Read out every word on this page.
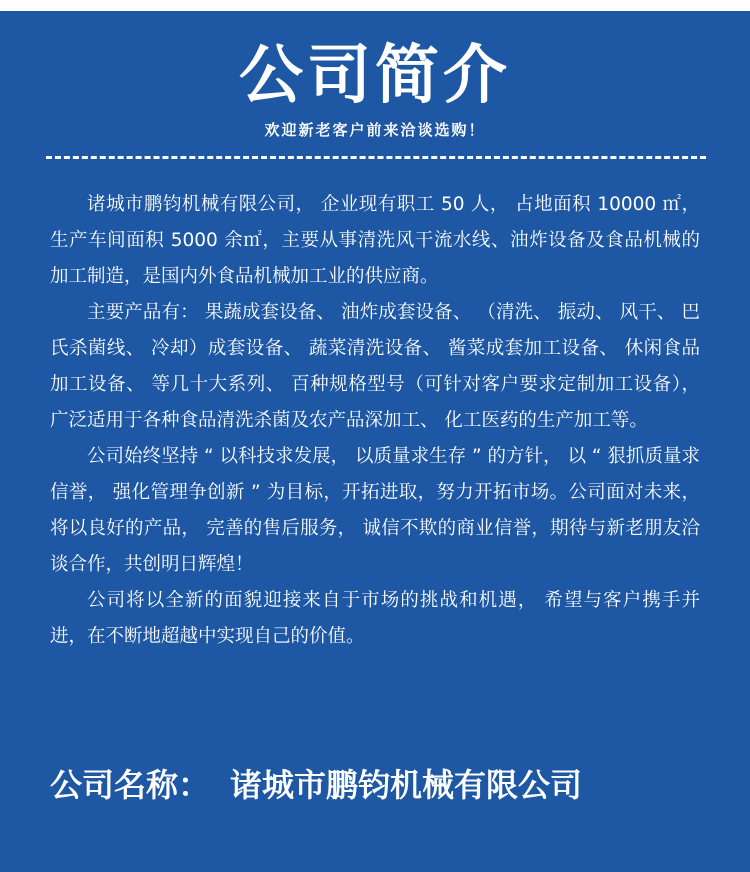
公司简介

欢迎新老客户前来洽谈选购！

诸城市鹏钧机械有限公司， 企业现有职工 50 人， 占地面积 10000 ㎡，生产车间面积 5000 余㎡，主要从事清洗风干流水线、油炸设备及食品机械的加工制造，是国内外食品机械加工业的供应商。

主要产品有： 果蔬成套设备、 油炸成套设备、 （清洗、 振动、 风干、 巴氏杀菌线、 冷却）成套设备、 蔬菜清洗设备、 酱菜成套加工设备、 休闲食品加工设备、 等几十大系列、 百种规格型号（可针对客户要求定制加工设备）， 广泛适用于各种食品清洗杀菌及农产品深加工、 化工医药的生产加工等。

公司始终坚持 “ 以科技求发展， 以质量求生存 ” 的方针， 以 “ 狠抓质量求信誉， 强化管理争创新 ” 为目标，开拓进取，努力开拓市场。公司面对未来， 将以良好的产品， 完善的售后服务， 诚信不欺的商业信誉，期待与新老朋友洽谈合作，共创明日辉煌！

公司将以全新的面貌迎接来自于市场的挑战和机遇， 希望与客户携手并进，在不断地超越中实现自己的价值。

公司名称： 诸城市鹏钧机械有限公司
